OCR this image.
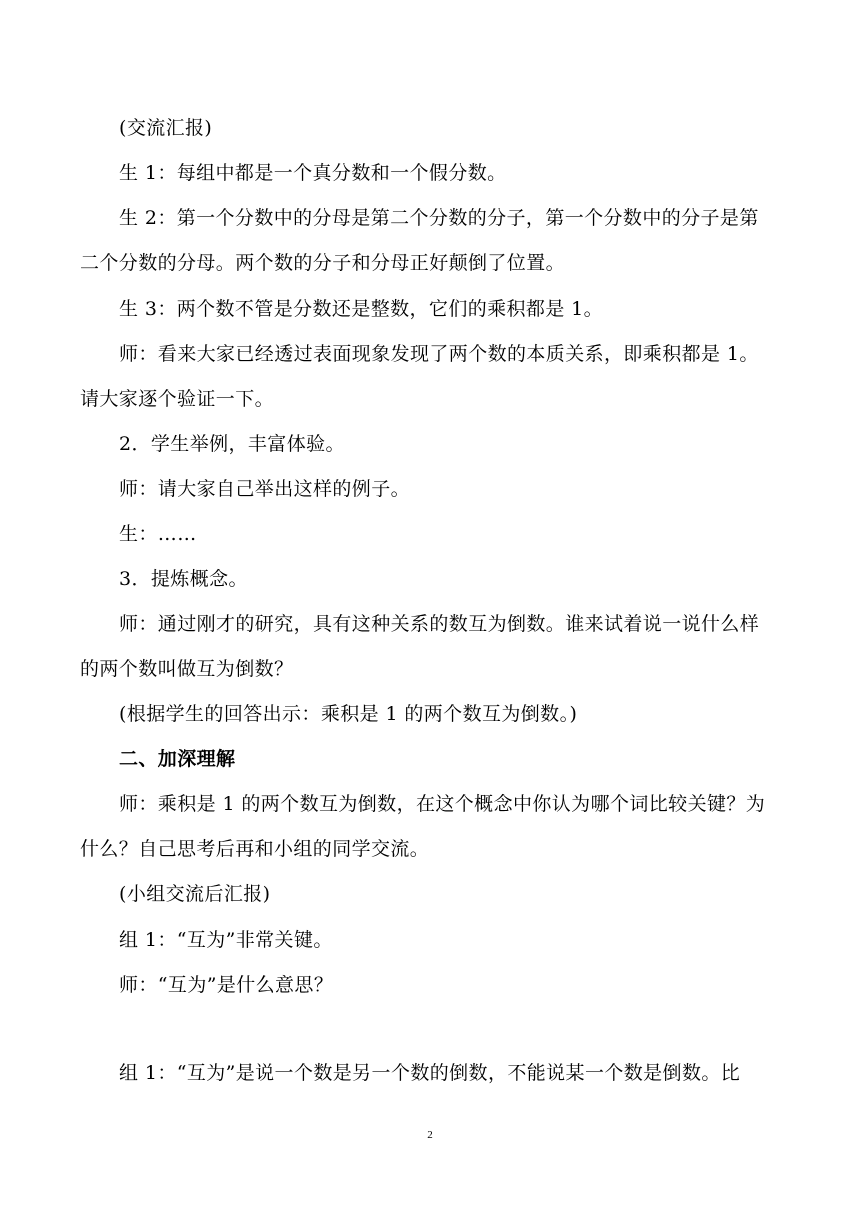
(交流汇报)
生 1：每组中都是一个真分数和一个假分数。
生 2：第一个分数中的分母是第二个分数的分子，第一个分数中的分子是第
二个分数的分母。两个数的分子和分母正好颠倒了位置。
生 3：两个数不管是分数还是整数，它们的乘积都是 1。
师：看来大家已经透过表面现象发现了两个数的本质关系，即乘积都是 1。
请大家逐个验证一下。
2．学生举例，丰富体验。
师：请大家自己举出这样的例子。
生：……
3．提炼概念。
师：通过刚才的研究，具有这种关系的数互为倒数。谁来试着说一说什么样
的两个数叫做互为倒数？
(根据学生的回答出示：乘积是 1 的两个数互为倒数。)
二、加深理解
师：乘积是 1 的两个数互为倒数，在这个概念中你认为哪个词比较关键？为
什么？自己思考后再和小组的同学交流。
(小组交流后汇报)
组 1：“互为”非常关键。
师：“互为”是什么意思？
组 1：“互为”是说一个数是另一个数的倒数，不能说某一个数是倒数。比
2
